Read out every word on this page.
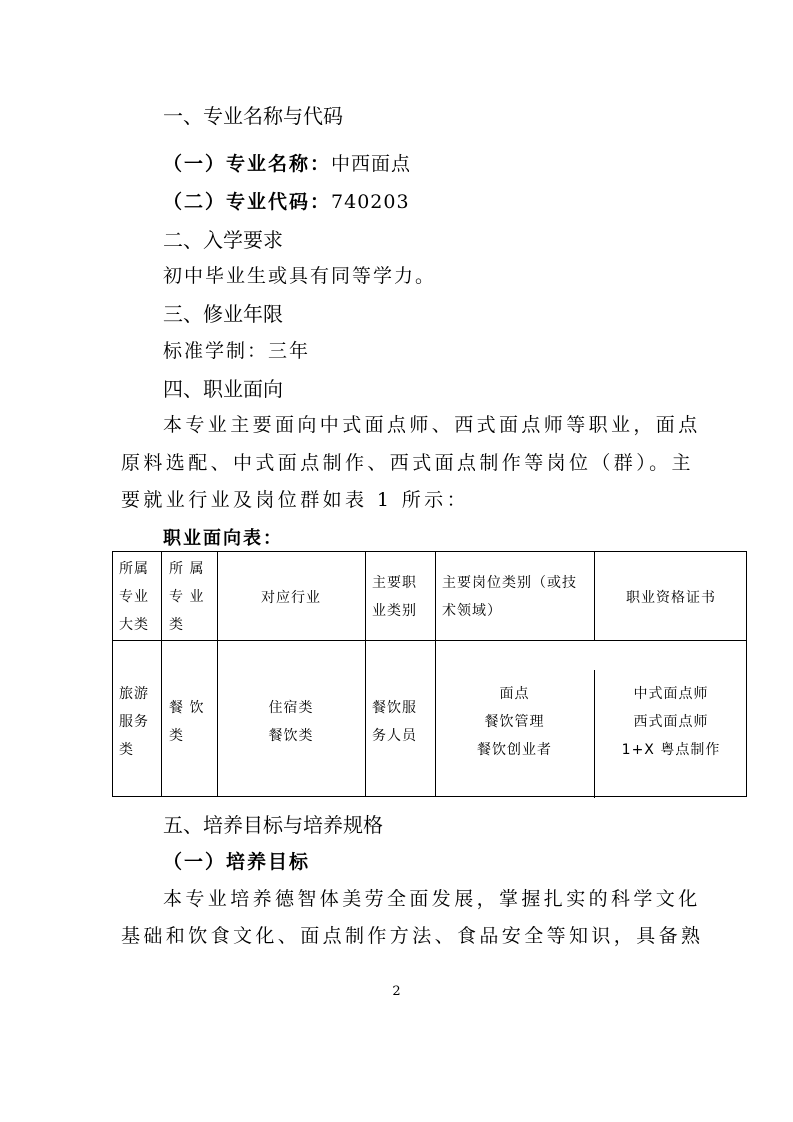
一、专业名称与代码
（一）专业名称：中西面点
（二）专业代码：740203
二、入学要求
初中毕业生或具有同等学力。
三、修业年限
标准学制：三年
四、职业面向
本专业主要面向中式面点师、西式面点师等职业，面点
原料选配、中式面点制作、西式面点制作等岗位（群）。主
要就业行业及岗位群如表 1 所示：
职业面向表：
所属
专业
大类
所 属
专 业
类
对应行业
主要职
业类别
主要岗位类别（或技
术领域）
职业资格证书
旅游
服务
类
餐 饮
类
住宿类
餐饮类
餐饮服
务人员
面点
餐饮管理
餐饮创业者
中式面点师
西式面点师
1+X 粤点制作
五、培养目标与培养规格
（一）培养目标
本专业培养德智体美劳全面发展，掌握扎实的科学文化
基础和饮食文化、面点制作方法、食品安全等知识，具备熟
2
